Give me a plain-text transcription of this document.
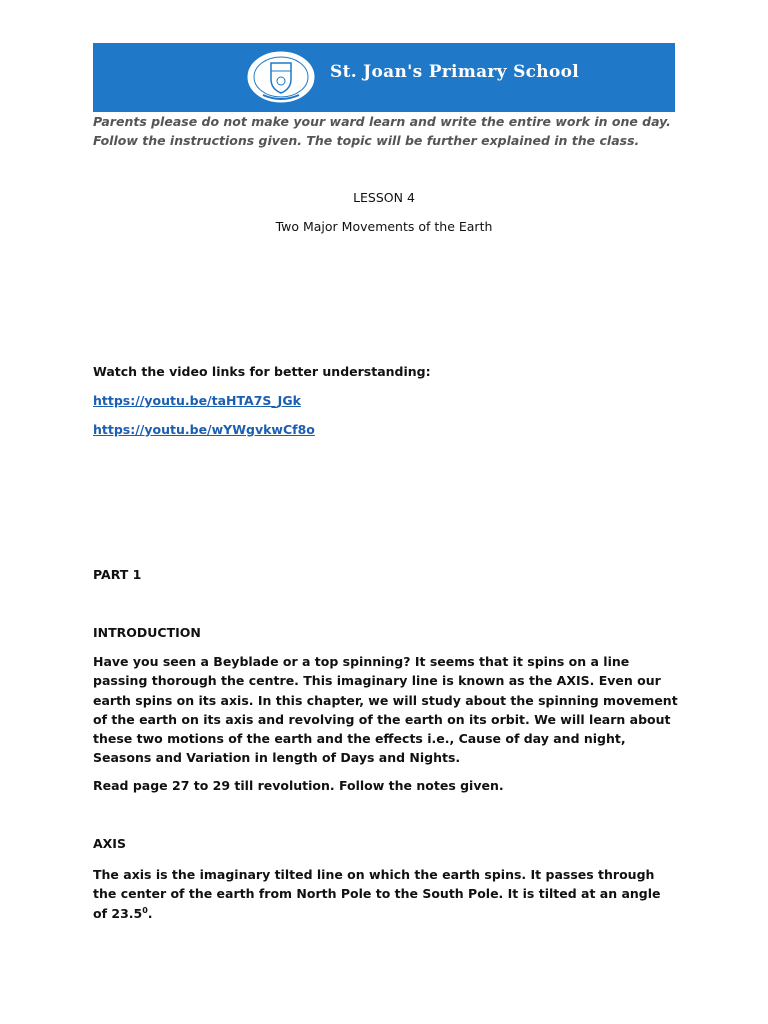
St. Joan's Primary School
Parents please do not make your ward learn and write the entire work in one day. Follow the instructions given. The topic will be further explained in the class.
LESSON 4
Two Major Movements of the Earth
Watch the video links for better understanding:
https://youtu.be/taHTA7S_JGk
https://youtu.be/wYWgvkwCf8o
PART 1
INTRODUCTION
Have you seen a Beyblade or a top spinning? It seems that it spins on a line passing thorough the centre. This imaginary line is known as the AXIS. Even our earth spins on its axis. In this chapter, we will study about the spinning movement of the earth on its axis and revolving of the earth on its orbit. We will learn about these two motions of the earth and the effects i.e., Cause of day and night, Seasons and Variation in length of Days and Nights.
Read page 27 to 29 till revolution. Follow the notes given.
AXIS
The axis is the imaginary tilted line on which the earth spins. It passes through the center of the earth from North Pole to the South Pole. It is tilted at an angle of 23.5$^0$.
